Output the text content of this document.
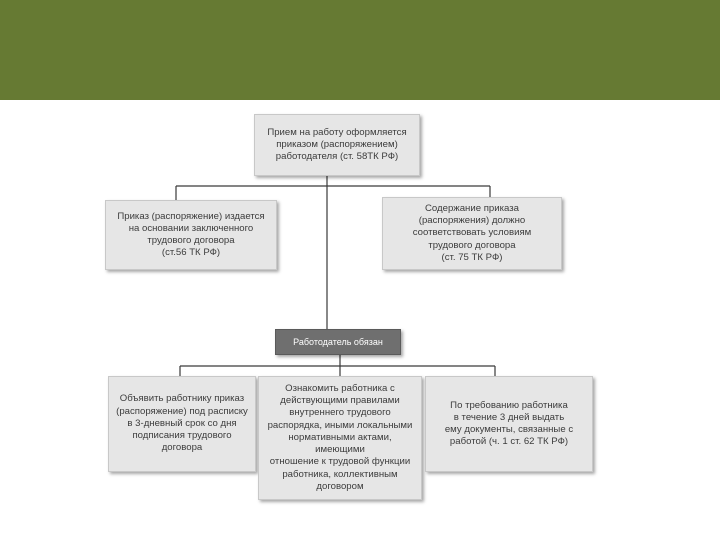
Прием на работу оформляется
приказом (распоряжением)
работодателя (ст. 58ТК РФ)
Приказ (распоряжение) издается
на основании заключенного
трудового договора
(ст.56 ТК РФ)
Содержание приказа
(распоряжения) должно
соответствовать условиям
трудового договора
(ст. 75 ТК РФ)
Работодатель обязан
Объявить работнику приказ
(распоряжение) под расписку
в 3-дневный срок со дня
подписания трудового
договора
Ознакомить работника с
действующими правилами
внутреннего трудового
распорядка, иными локальными
нормативными актами, имеющими
отношение к трудовой функции
работника, коллективным
договором
По требованию работника
в течение 3 дней выдать
ему документы, связанные с
работой (ч. 1 ст. 62 ТК РФ)
